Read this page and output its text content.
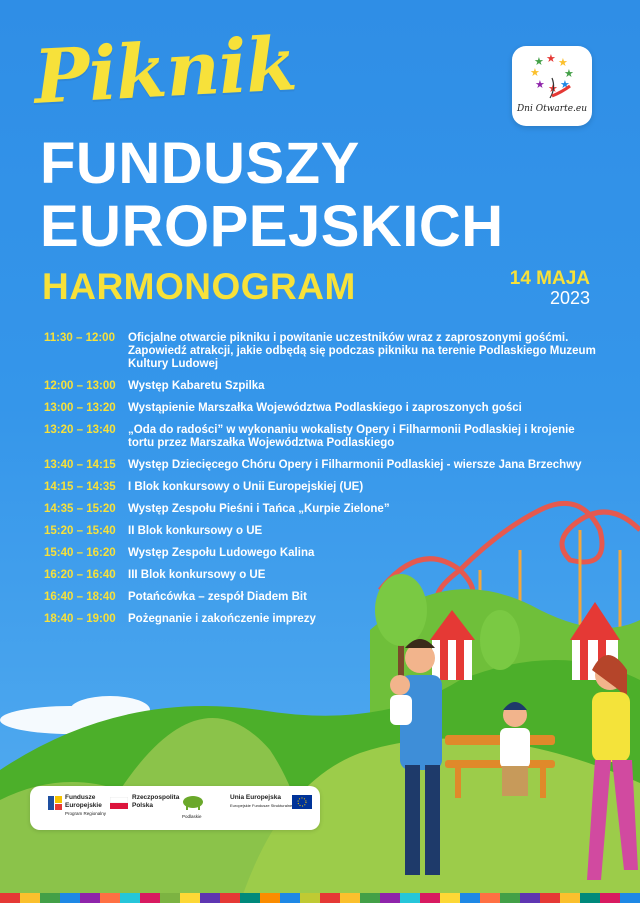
Piknik
FUNDUSZY
EUROPEJSKICH
HARMONOGRAM	14 MAJA
2023
★ ★
★
★
★
★
★
★
Dni Otwarte.eu
11:30 – 12:00	Oficjalne otwarcie pikniku i powitanie uczestników wraz z zaproszonymi gośćmi. Zapowiedź atrakcji, jakie odbędą się podczas pikniku na terenie Podlaskiego Muzeum Kultury Ludowej
12:00 – 13:00	Występ Kabaretu Szpilka
13:00 – 13:20	Wystąpienie Marszałka Województwa Podlaskiego i zaproszonych gości
13:20 – 13:40	„Oda do radości” w wykonaniu wokalisty Opery i Filharmonii Podlaskiej i krojenie tortu przez Marszałka Województwa Podlaskiego
13:40 – 14:15	Występ Dziecięcego Chóru Opery i Filharmonii Podlaskiej - wiersze Jana Brzechwy
14:15 – 14:35	I Blok konkursowy o Unii Europejskiej (UE)
14:35 – 15:20	Występ Zespołu Pieśni i Tańca „Kurpie Zielone”
15:20 – 15:40	II Blok konkursowy o UE
15:40 – 16:20	Występ Zespołu Ludowego Kalina
16:20 – 16:40	III Blok konkursowy o UE
16:40 – 18:40	Potańcówka – zespół Diadem Bit
18:40 – 19:00	Pożegnanie i zakończenie imprezy
Fundusze
Europejskie
Program Regionalny
Rzeczpospolita
Polska
Podlaskie
Unia Europejska
Europejskie Fundusze Strukturalne
